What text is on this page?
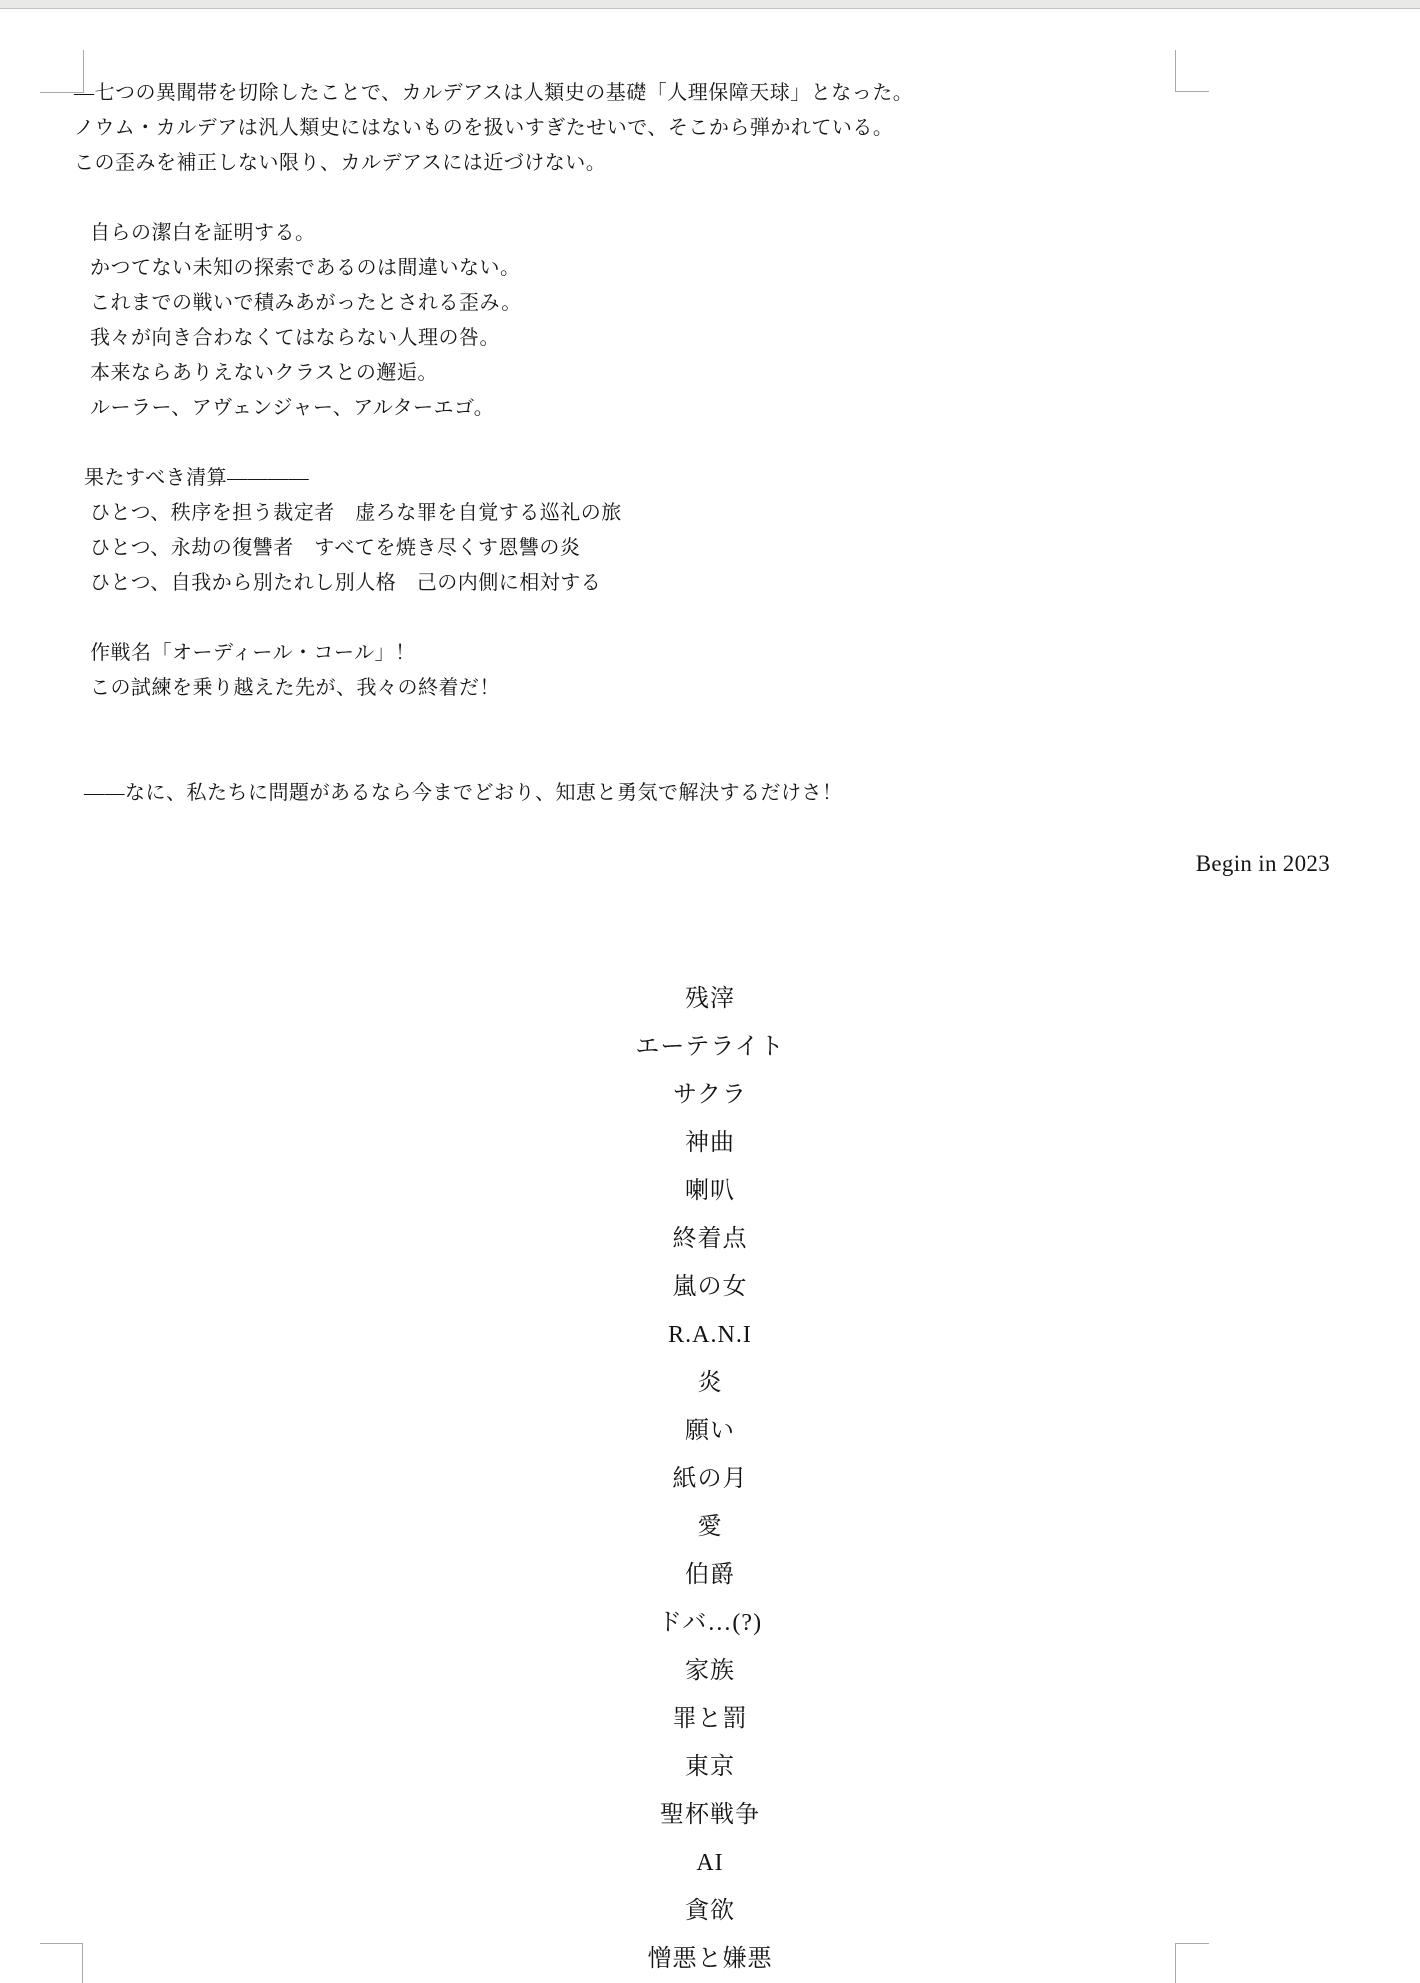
―七つの異聞帯を切除したことで、カルデアスは人類史の基礎「人理保障天球」となった。
ノウム・カルデアは汎人類史にはないものを扱いすぎたせいで、そこから弾かれている。
この歪みを補正しない限り、カルデアスには近づけない。
自らの潔白を証明する。
かつてない未知の探索であるのは間違いない。
これまでの戦いで積みあがったとされる歪み。
我々が向き合わなくてはならない人理の咎。
本来ならありえないクラスとの邂逅。
ルーラー、アヴェンジャー、アルターエゴ。
果たすべき清算――――
ひとつ、秩序を担う裁定者　虚ろな罪を自覚する巡礼の旅
ひとつ、永劫の復讐者　すべてを焼き尽くす恩讐の炎
ひとつ、自我から別たれし別人格　己の内側に相対する
作戦名「オーディール・コール」！
この試練を乗り越えた先が、我々の終着だ！
――なに、私たちに問題があるなら今までどおり、知恵と勇気で解決するだけさ！
Begin in 2023
残滓
エーテライト
サクラ
神曲
喇叭
終着点
嵐の女
R.A.N.I
炎
願い
紙の月
愛
伯爵
ドバ…(?)
家族
罪と罰
東京
聖杯戦争
AI
貪欲
憎悪と嫌悪
